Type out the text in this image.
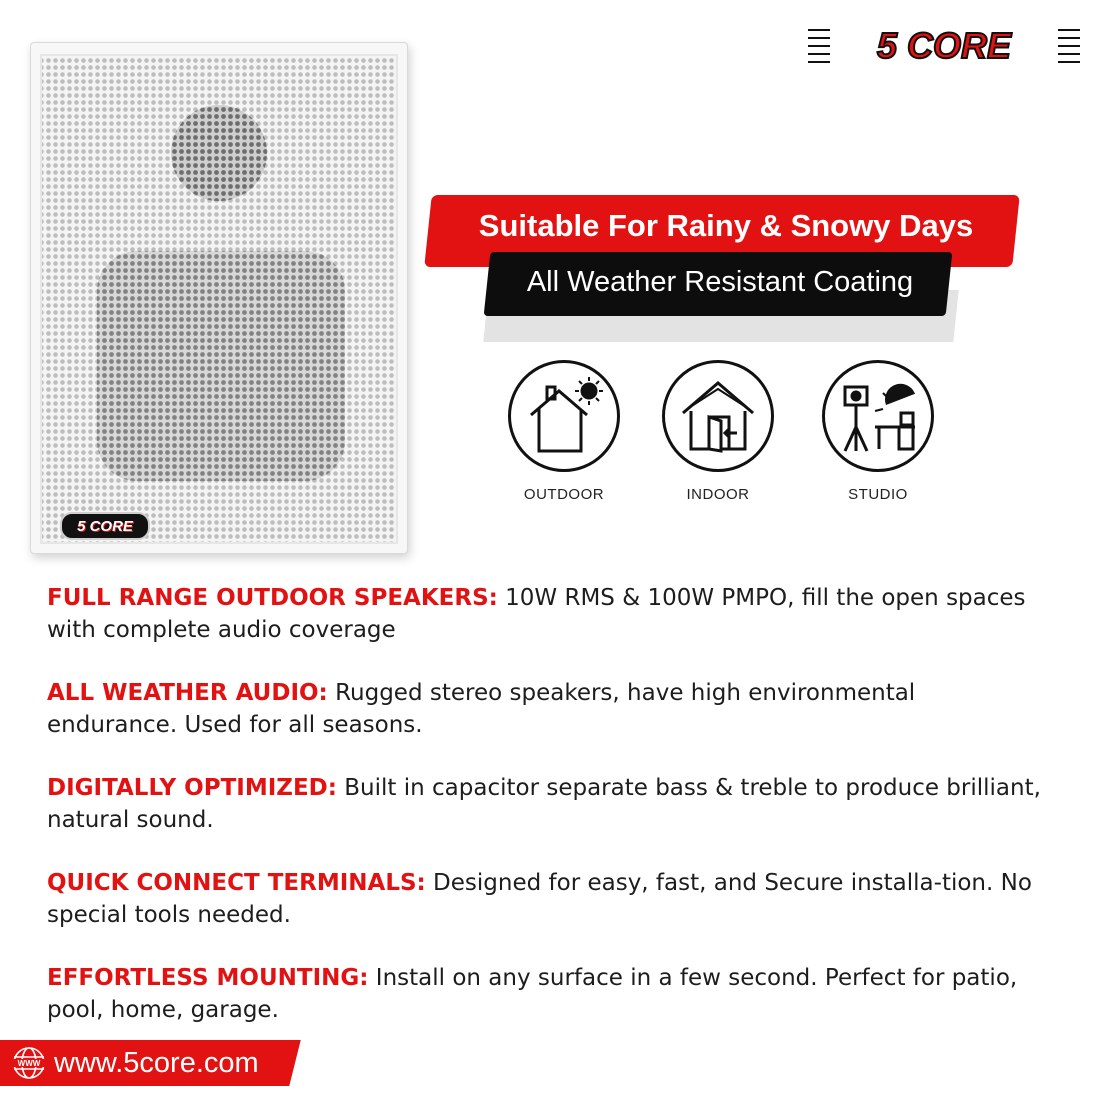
5 CORE
5 CORE
Suitable For Rainy & Snowy Days
All Weather Resistant Coating
OUTDOOR	INDOOR	STUDIO

FULL RANGE OUTDOOR SPEAKERS: 10W RMS & 100W PMPO, fill the open spaces with complete audio coverage

ALL WEATHER AUDIO: Rugged stereo speakers, have high environmental endurance. Used for all seasons.

DIGITALLY OPTIMIZED: Built in capacitor separate bass & treble to produce brilliant, natural sound.

QUICK CONNECT TERMINALS: Designed for easy, fast, and Secure installa-tion. No special tools needed.

EFFORTLESS MOUNTING: Install on any surface in a few second. Perfect for patio, pool, home, garage.

WWW www.5core.com
